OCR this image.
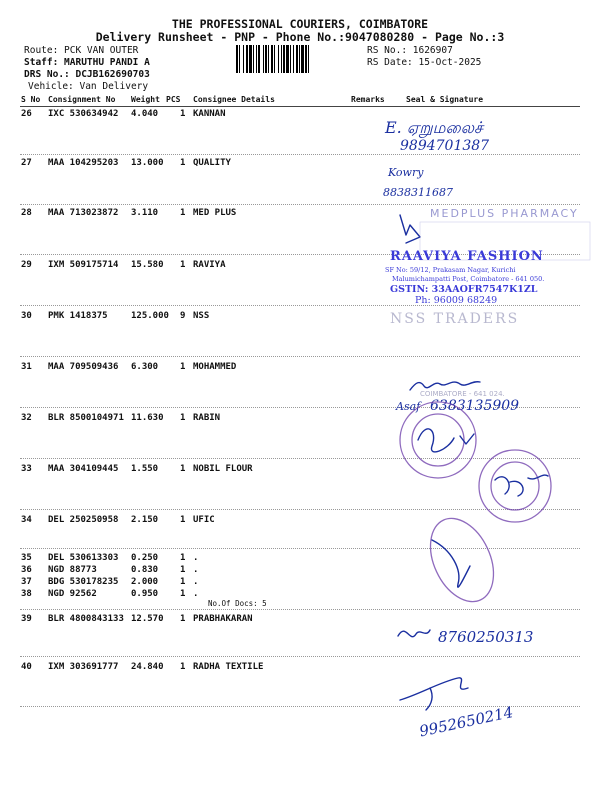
THE PROFESSIONAL COURIERS, COIMBATORE
Delivery Runsheet - PNP - Phone No.:9047080280 - Page No.:3
Route: PCK VAN OUTER
Staff: MARUTHU PANDI A
DRS No.: DCJB162690703
Vehicle: Van Delivery
RS No.: 1626907
RS Date: 15-Oct-2025
S No Consignment No Weight PCS Consignee Details	Remarks	Seal & Signature
26 IXC 530634942 4.040 1 KANNAN
27 MAA 104295203 13.000 1 QUALITY
28 MAA 713023872 3.110 1 MED PLUS
29 IXM 509175714 15.580 1 RAVIYA
30 PMK 1418375	125.000 9 NSS
31 MAA 709509436 6.300 1 MOHAMMED
32 BLR 8500104971 11.630 1 RABIN
33 MAA 304109445 1.550 1 NOBIL FLOUR
34 DEL 250250958 2.150 1 UFIC
35 DEL 530613303 0.250 1 .
36 NGD 88773	0.830 1 .
37 BDG 530178235 2.000 1 .
38 NGD 92562	0.950 1 .
No.Of Docs: 5
39 BLR 4800843133 12.570 1 PRABHAKARAN
40 IXM 303691777 24.840 1 RADHA TEXTILE
E. ஏறுமலைச்
9894701387
Kowry
8838311687
MEDPLUS PHARMACY
RAAVIYA FASHION
SF No: 59/12, Prakasam Nagar, Kurichi
Malumichampatti Post, Coimbatore - 641 050.
GSTIN: 33AAOFR7547K1ZL
Ph: 96009 68249
NSS TRADERS
COIMBATORE - 641 024.
Asaf 6383135909
8760250313
9952650214
